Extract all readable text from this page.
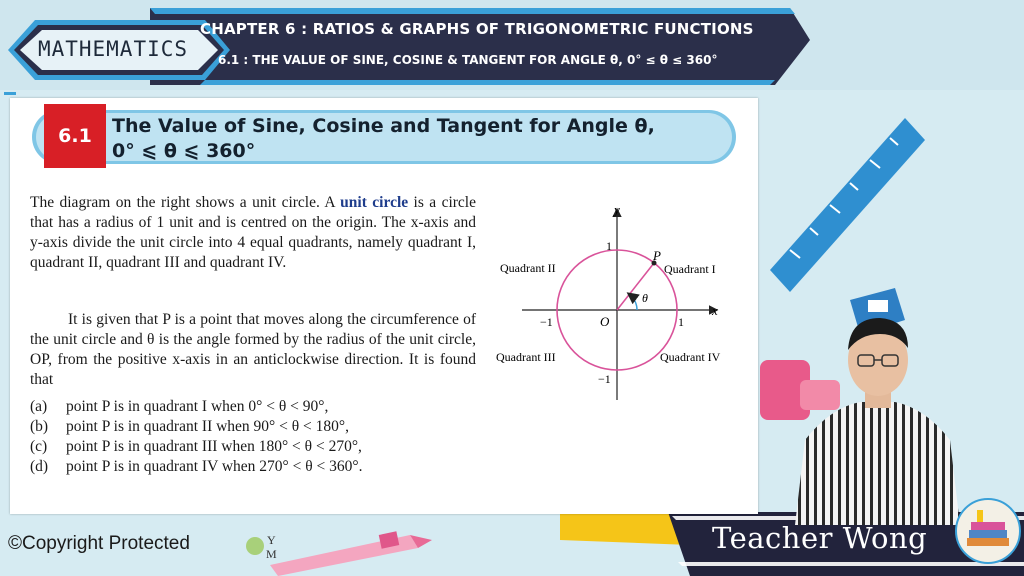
MATHEMATICS
CHAPTER 6 : RATIOS & GRAPHS OF TRIGONOMETRIC FUNCTIONS
6.1 : THE VALUE OF SINE, COSINE & TANGENT FOR ANGLE θ, 0° ≤ θ ≤ 360°
6.1	The Value of Sine, Cosine and Tangent for Angle θ,
0° ⩽ θ ⩽ 360°
The diagram on the right shows a unit circle. A unit circle is a circle that has a radius of 1 unit and is centred on the origin. The x-axis and y-axis divide the unit circle into 4 equal quadrants, namely quadrant I, quadrant II, quadrant III and quadrant IV.
It is given that P is a point that moves along the circumference of the unit circle and θ is the angle formed by the radius of the unit circle, OP, from the positive x-axis in an anticlockwise direction. It is found that
(a)	point P is in quadrant I when 0° < θ < 90°,
(b)	point P is in quadrant II when 90° < θ < 180°,
(c)	point P is in quadrant III when 180° < θ < 270°,
(d)	point P is in quadrant IV when 270° < θ < 360°.
y
x
O
P
θ
1
−1
1
−1
Quadrant I
Quadrant II
Quadrant III	Quadrant IV
©Copyright Protected	Y
M	Teacher Wong
